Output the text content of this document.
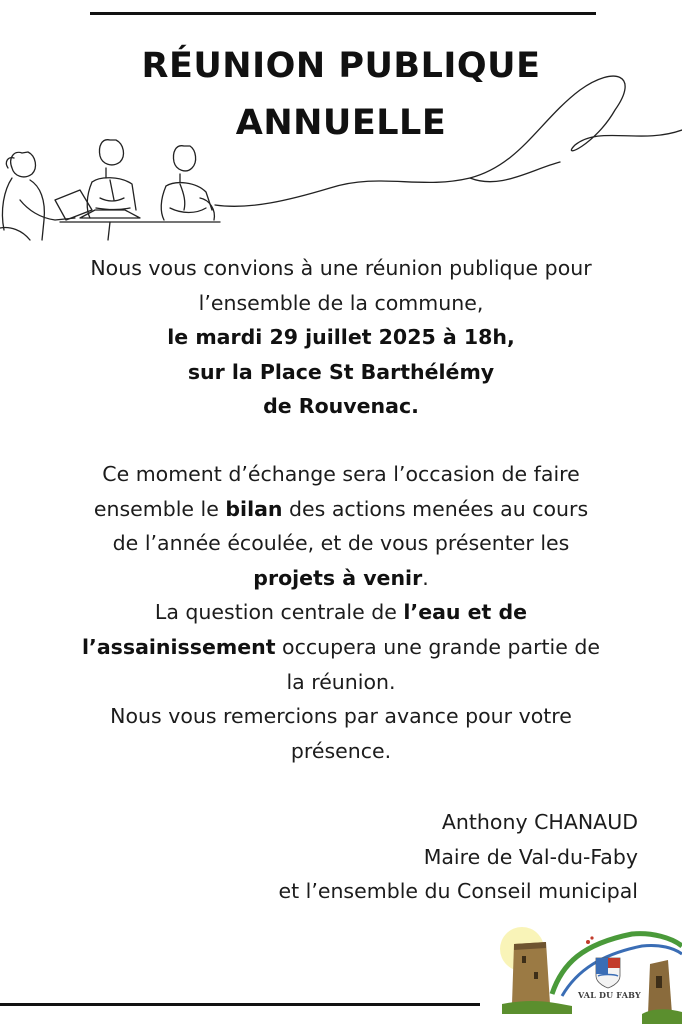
RÉUNION PUBLIQUE
ANNUELLE
Nous vous convions à une réunion publique pour
l’ensemble de la commune,
le mardi 29 juillet 2025 à 18h,
sur la Place St Barthélémy
de Rouvenac.
Ce moment d’échange sera l’occasion de faire
ensemble le bilan des actions menées au cours
de l’année écoulée, et de vous présenter les
projets à venir.
La question centrale de l’eau et de
l’assainissement occupera une grande partie de
la réunion.
Nous vous remercions par avance pour votre
présence.
Anthony CHANAUD
Maire de Val-du-Faby
et l’ensemble du Conseil municipal
VAL DU FABY
